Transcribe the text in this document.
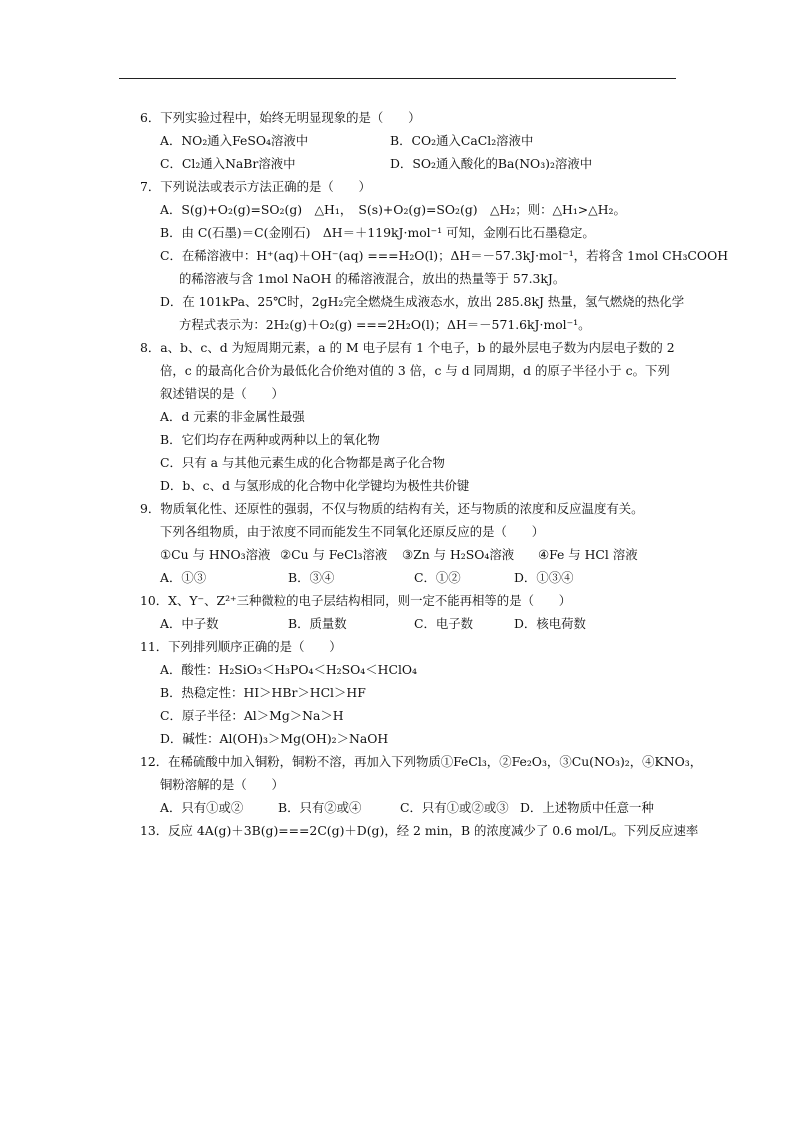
6．下列实验过程中，始终无明显现象的是（　　）
A．NO₂通入FeSO₄溶液中	B．CO₂通入CaCl₂溶液中
C．Cl₂通入NaBr溶液中	D．SO₂通入酸化的Ba(NO₃)₂溶液中
7．下列说法或表示方法正确的是（　　）
A．S(g)+O₂(g)=SO₂(g)　△H₁，　S(s)+O₂(g)=SO₂(g)　△H₂；则：△H₁>△H₂。
B．由 C(石墨)＝C(金刚石)　ΔH＝＋119kJ·mol⁻¹ 可知，金刚石比石墨稳定。
C．在稀溶液中：H⁺(aq)＋OH⁻(aq) ===H₂O(l)；ΔH＝－57.3kJ·mol⁻¹，若将含 1mol CH₃COOH
的稀溶液与含 1mol NaOH 的稀溶液混合，放出的热量等于 57.3kJ。
D．在 101kPa、25℃时，2gH₂完全燃烧生成液态水，放出 285.8kJ 热量，氢气燃烧的热化学
方程式表示为：2H₂(g)＋O₂(g) ===2H₂O(l)；ΔH＝－571.6kJ·mol⁻¹。
8．a、b、c、d 为短周期元素，a 的 M 电子层有 1 个电子，b 的最外层电子数为内层电子数的 2
倍，c 的最高化合价为最低化合价绝对值的 3 倍，c 与 d 同周期，d 的原子半径小于 c。下列
叙述错误的是（　　）
A．d 元素的非金属性最强
B．它们均存在两种或两种以上的氧化物
C．只有 a 与其他元素生成的化合物都是离子化合物
D．b、c、d 与氢形成的化合物中化学键均为极性共价键
9．物质氧化性、还原性的强弱，不仅与物质的结构有关，还与物质的浓度和反应温度有关。
下列各组物质，由于浓度不同而能发生不同氧化还原反应的是（　　）
①Cu 与 HNO₃溶液 ②Cu 与 FeCl₃溶液	③Zn 与 H₂SO₄溶液	④Fe 与 HCl 溶液
A．①③	B．③④	C．①②	D．①③④
10．X、Y⁻、Z²⁺三种微粒的电子层结构相同，则一定不能再相等的是（　　）
A．中子数	B．质量数	C．电子数	D．核电荷数
11．下列排列顺序正确的是（　　）
A．酸性：H₂SiO₃＜H₃PO₄＜H₂SO₄＜HClO₄
B．热稳定性：HI＞HBr＞HCl＞HF
C．原子半径：Al＞Mg＞Na＞H
D．碱性：Al(OH)₃＞Mg(OH)₂＞NaOH
12．在稀硫酸中加入铜粉，铜粉不溶，再加入下列物质①FeCl₃，②Fe₂O₃，③Cu(NO₃)₂，④KNO₃，
铜粉溶解的是（　　）
A．只有①或②	B．只有②或④	C．只有①或②或③ D．上述物质中任意一种
13．反应 4A(g)＋3B(g)===2C(g)＋D(g)，经 2 min，B 的浓度减少了 0.6 mol/L。下列反应速率
